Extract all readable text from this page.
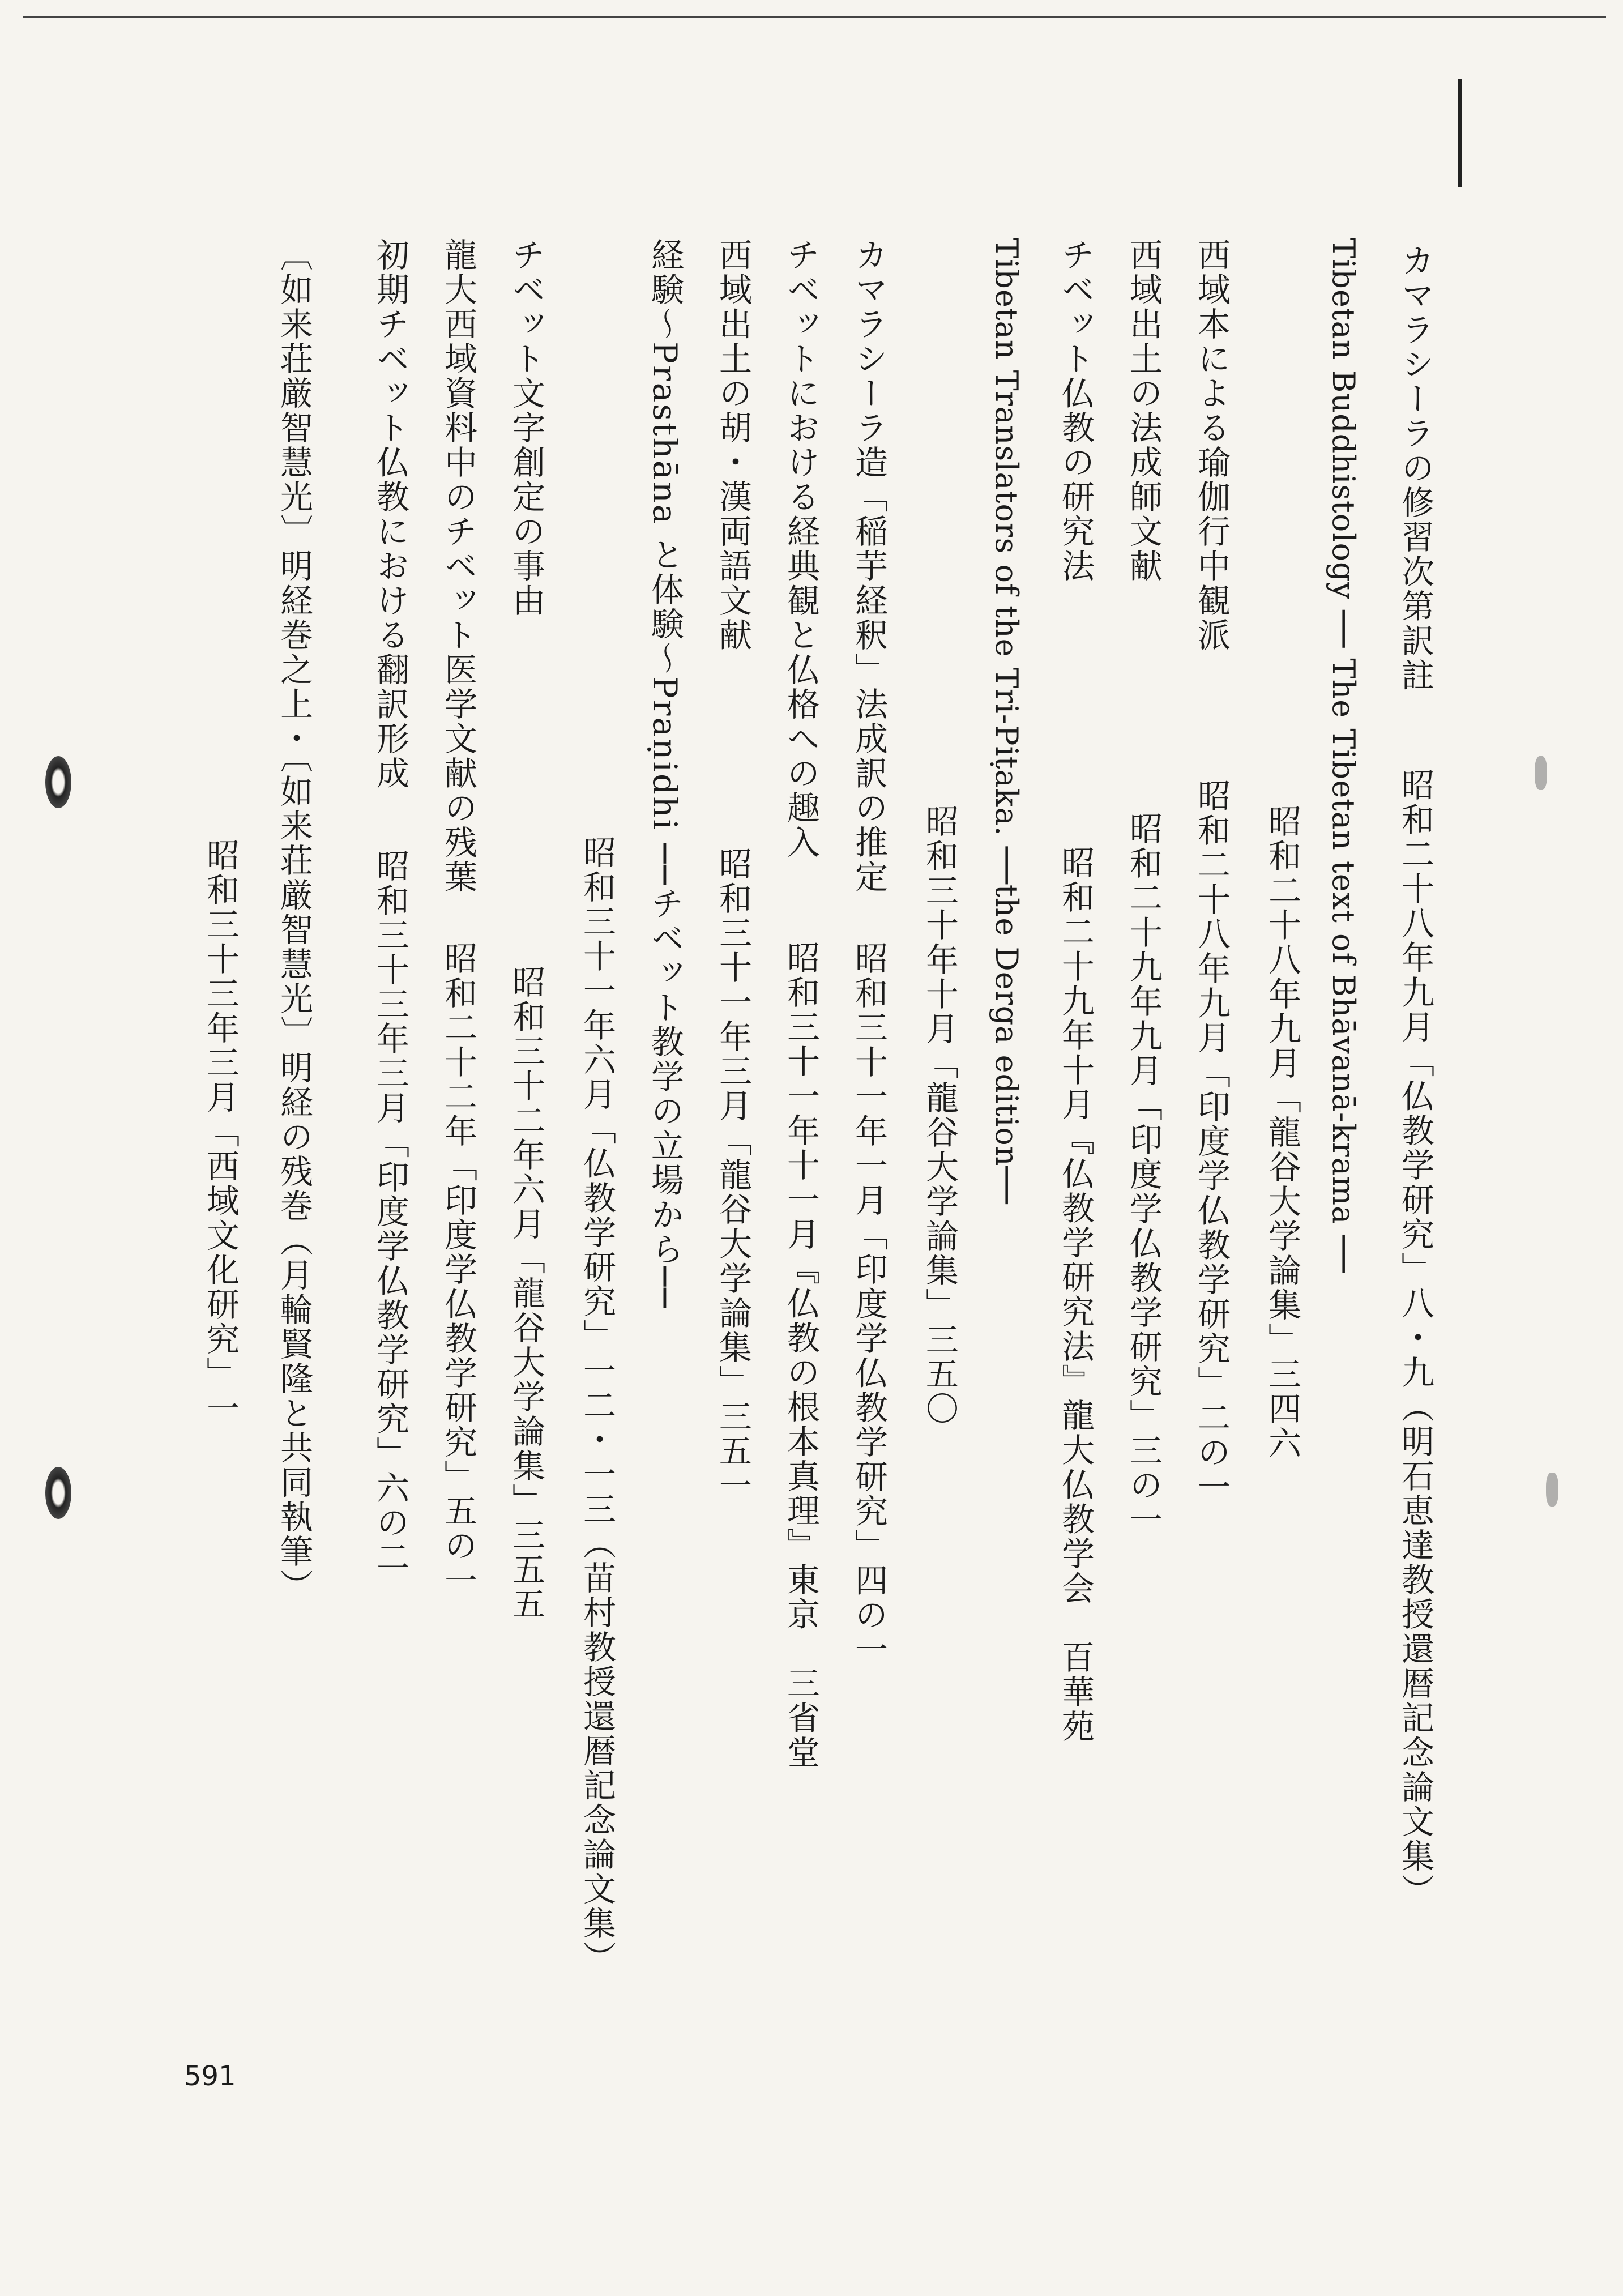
カマラシーラの修習次第訳註  昭和二十八年九月「仏教学研究」八・九（明石恵達教授還暦記念論文集）
Tibetan Buddhistology ── The Tibetan text of Bhāvanā-krama ──
昭和二十八年九月「龍谷大学論集」三四六
西域本による瑜伽行中観派  昭和二十八年九月「印度学仏教学研究」二の一
西域出土の法成師文献  昭和二十九年九月「印度学仏教学研究」三の一
チベット仏教の研究法  昭和二十九年十月『仏教学研究法』龍大仏教学会　百華苑
Tibetan Translators of the Tri-Piṭaka. ──the Derga edition──
昭和三十年十月「龍谷大学論集」三五〇
カマラシーラ造「稲芋経釈」法成訳の推定  昭和三十一年一月「印度学仏教学研究」四の一
チベットにおける経典観と仏格への趣入  昭和三十一年十一月『仏教の根本真理』東京　三省堂
西域出土の胡・漢両語文献  昭和三十一年三月「龍谷大学論集」三五一
経験〜Prasthāna と体験〜Praṇidhi ──チベット教学の立場から──
昭和三十一年六月「仏教学研究」一二・一三（苗村教授還暦記念論文集）
チベット文字創定の事由  昭和三十二年六月「龍谷大学論集」三五五
龍大西域資料中のチベット医学文献の残葉  昭和二十二年「印度学仏教学研究」五の一
初期チベット仏教における翻訳形成  昭和三十三年三月「印度学仏教学研究」六の二
〔如来荘厳智慧光〕明経巻之上・〔如来荘厳智慧光〕明経の残巻（月輪賢隆と共同執筆）
昭和三十三年三月「西域文化研究」一
591
